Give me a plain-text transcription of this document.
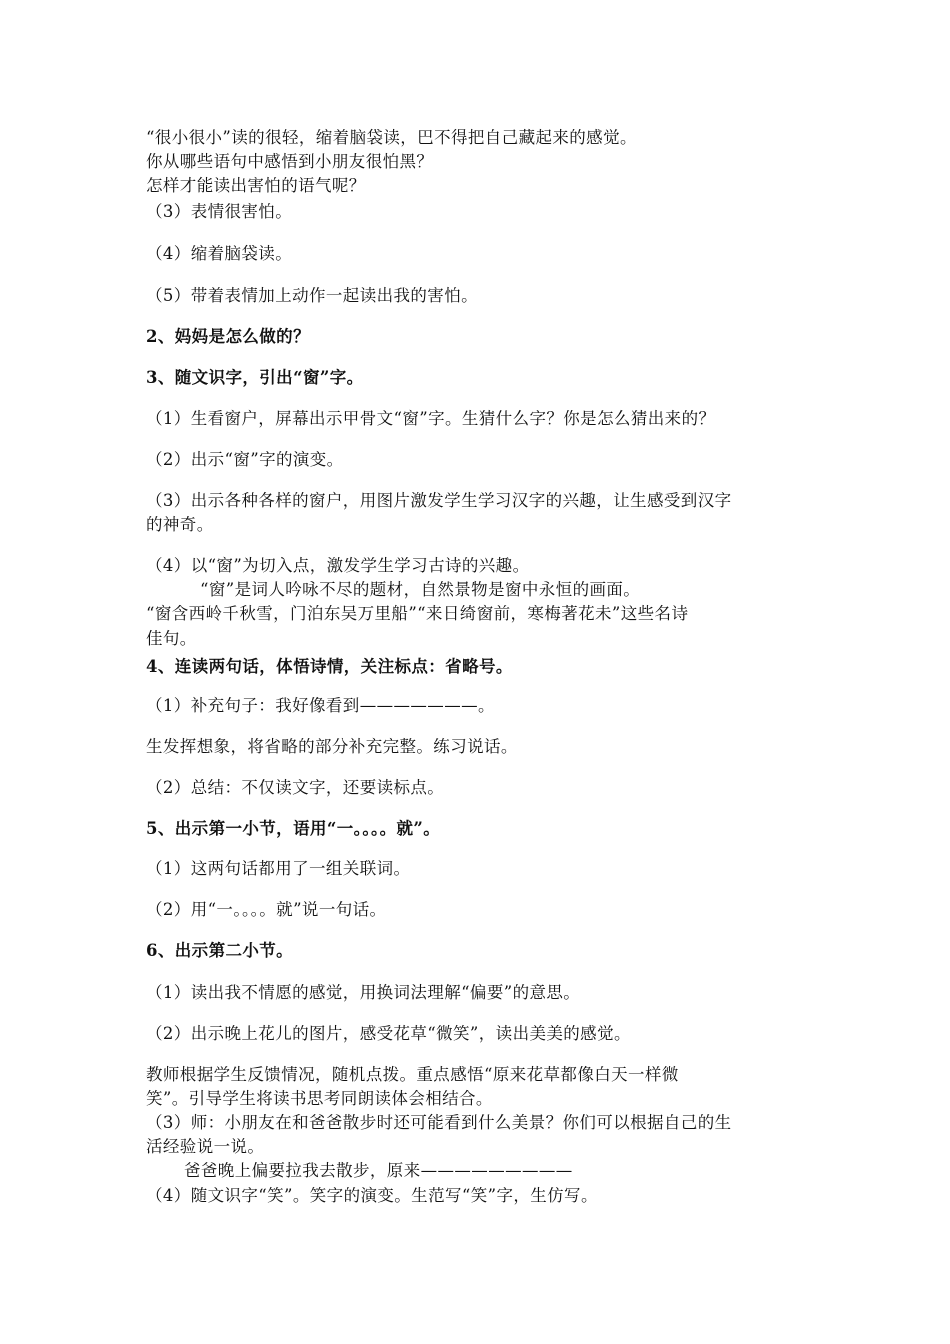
“很小很小”读的很轻，缩着脑袋读，巴不得把自己藏起来的感觉。
你从哪些语句中感悟到小朋友很怕黑？
怎样才能读出害怕的语气呢？
（3）表情很害怕。
（4）缩着脑袋读。
（5）带着表情加上动作一起读出我的害怕。
2、妈妈是怎么做的？
3、随文识字，引出“窗”字。
（1）生看窗户，屏幕出示甲骨文“窗”字。生猜什么字？你是怎么猜出来的？
（2）出示“窗”字的演变。
（3）出示各种各样的窗户，用图片激发学生学习汉字的兴趣，让生感受到汉字
的神奇。
（4）以“窗”为切入点，激发学生学习古诗的兴趣。
“窗”是词人吟咏不尽的题材，自然景物是窗中永恒的画面。
“窗含西岭千秋雪，门泊东吴万里船”“来日绮窗前，寒梅著花未”这些名诗
佳句。
4、连读两句话，体悟诗情，关注标点：省略号。
（1）补充句子：我好像看到———————。
生发挥想象，将省略的部分补充完整。练习说话。
（2）总结：不仅读文字，还要读标点。
5、出示第一小节，语用“一。。。。就”。
（1）这两句话都用了一组关联词。
（2）用“一。。。。就”说一句话。
6、出示第二小节。
（1）读出我不情愿的感觉，用换词法理解“偏要”的意思。
（2）出示晚上花儿的图片，感受花草“微笑”，读出美美的感觉。
教师根据学生反馈情况，随机点拨。重点感悟“原来花草都像白天一样微
笑”。引导学生将读书思考同朗读体会相结合。
（3）师：小朋友在和爸爸散步时还可能看到什么美景？你们可以根据自己的生
活经验说一说。
爸爸晚上偏要拉我去散步，原来—————————
（4）随文识字“笑”。笑字的演变。生范写“笑”字，生仿写。
